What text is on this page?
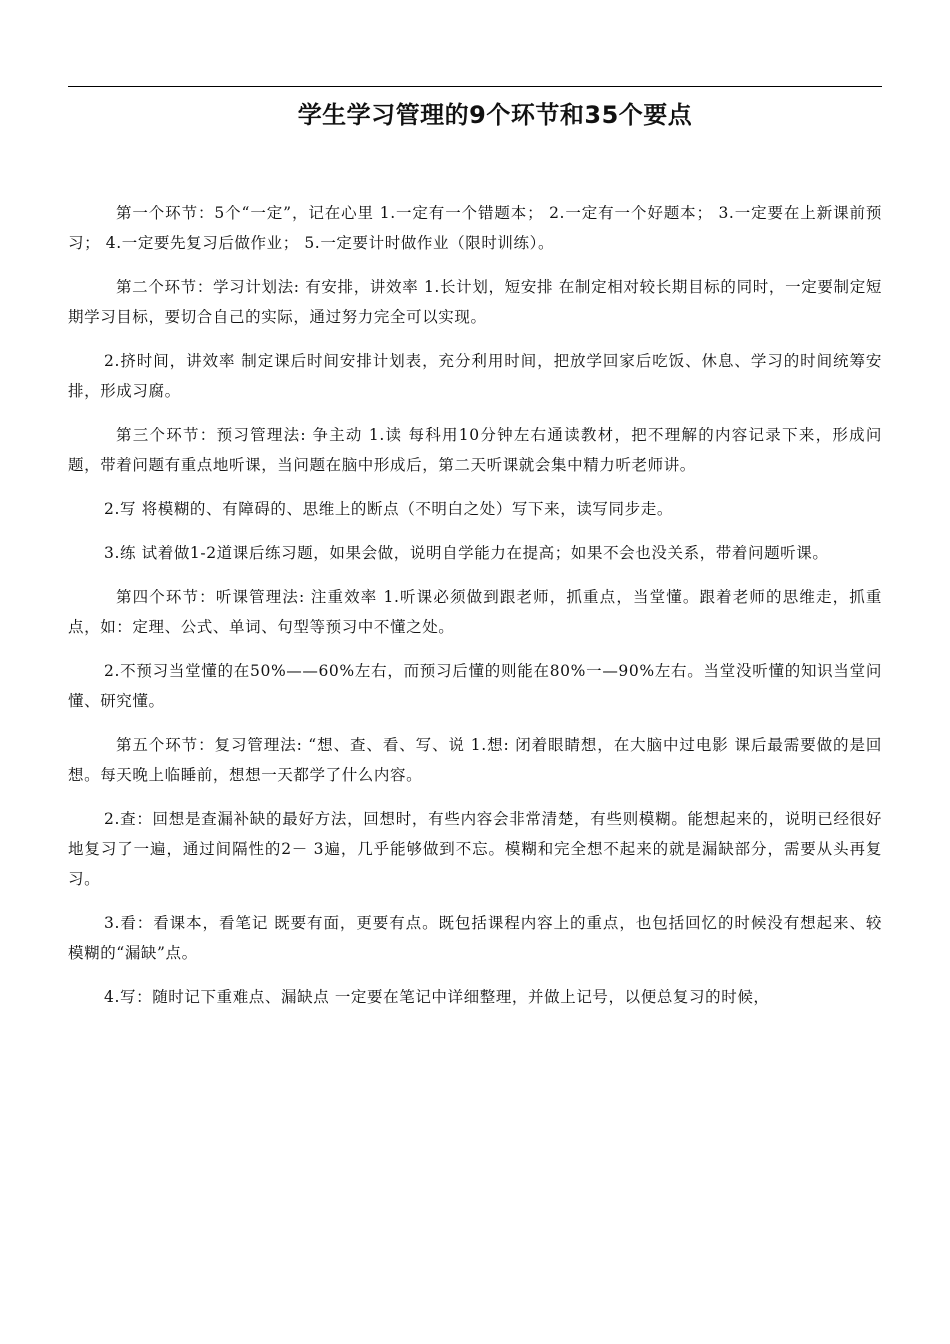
学生学习管理的9个环节和35个要点

第一个环节：5个“一定”，记在心里 1.一定有一个错题本； 2.一定有一个好题本； 3.一定要在上新课前预习； 4.一定要先复习后做作业； 5.一定要计时做作业（限时训练）。

第二个环节：学习计划法: 有安排，讲效率 1.长计划，短安排 在制定相对较长期目标的同时，一定要制定短期学习目标，要切合自己的实际，通过努力完全可以实现。

2.挤时间，讲效率 制定课后时间安排计划表，充分利用时间，把放学回家后吃饭、休息、学习的时间统筹安排，形成习腐。

第三个环节：预习管理法: 争主动 1.读 每科用10分钟左右通读教材，把不理解的内容记录下来，形成问题，带着问题有重点地听课，当问题在脑中形成后，第二天听课就会集中精力听老师讲。

2.写 将模糊的、有障碍的、思维上的断点（不明白之处）写下来，读写同步走。

3.练 试着做1-2道课后练习题，如果会做，说明自学能力在提高；如果不会也没关系，带着问题听课。

第四个环节：听课管理法: 注重效率 1.听课必须做到跟老师，抓重点，当堂懂。跟着老师的思维走，抓重点，如：定理、公式、单词、句型等预习中不懂之处。

2.不预习当堂懂的在50%——60%左右，而预习后懂的则能在80%一—90%左右。当堂没听懂的知识当堂问懂、研究懂。

第五个环节：复习管理法: “想、查、看、写、说 1.想: 闭着眼睛想，在大脑中过电影 课后最需要做的是回想。每天晚上临睡前，想想一天都学了什么内容。

2.查：回想是查漏补缺的最好方法，回想时，有些内容会非常清楚，有些则模糊。能想起来的，说明已经很好地复习了一遍，通过间隔性的2－ 3遍，几乎能够做到不忘。模糊和完全想不起来的就是漏缺部分，需要从头再复习。

3.看：看课本，看笔记 既要有面，更要有点。既包括课程内容上的重点，也包括回忆的时候没有想起来、较模糊的“漏缺”点。

4.写：随时记下重难点、漏缺点 一定要在笔记中详细整理，并做上记号，以便总复习的时候，
